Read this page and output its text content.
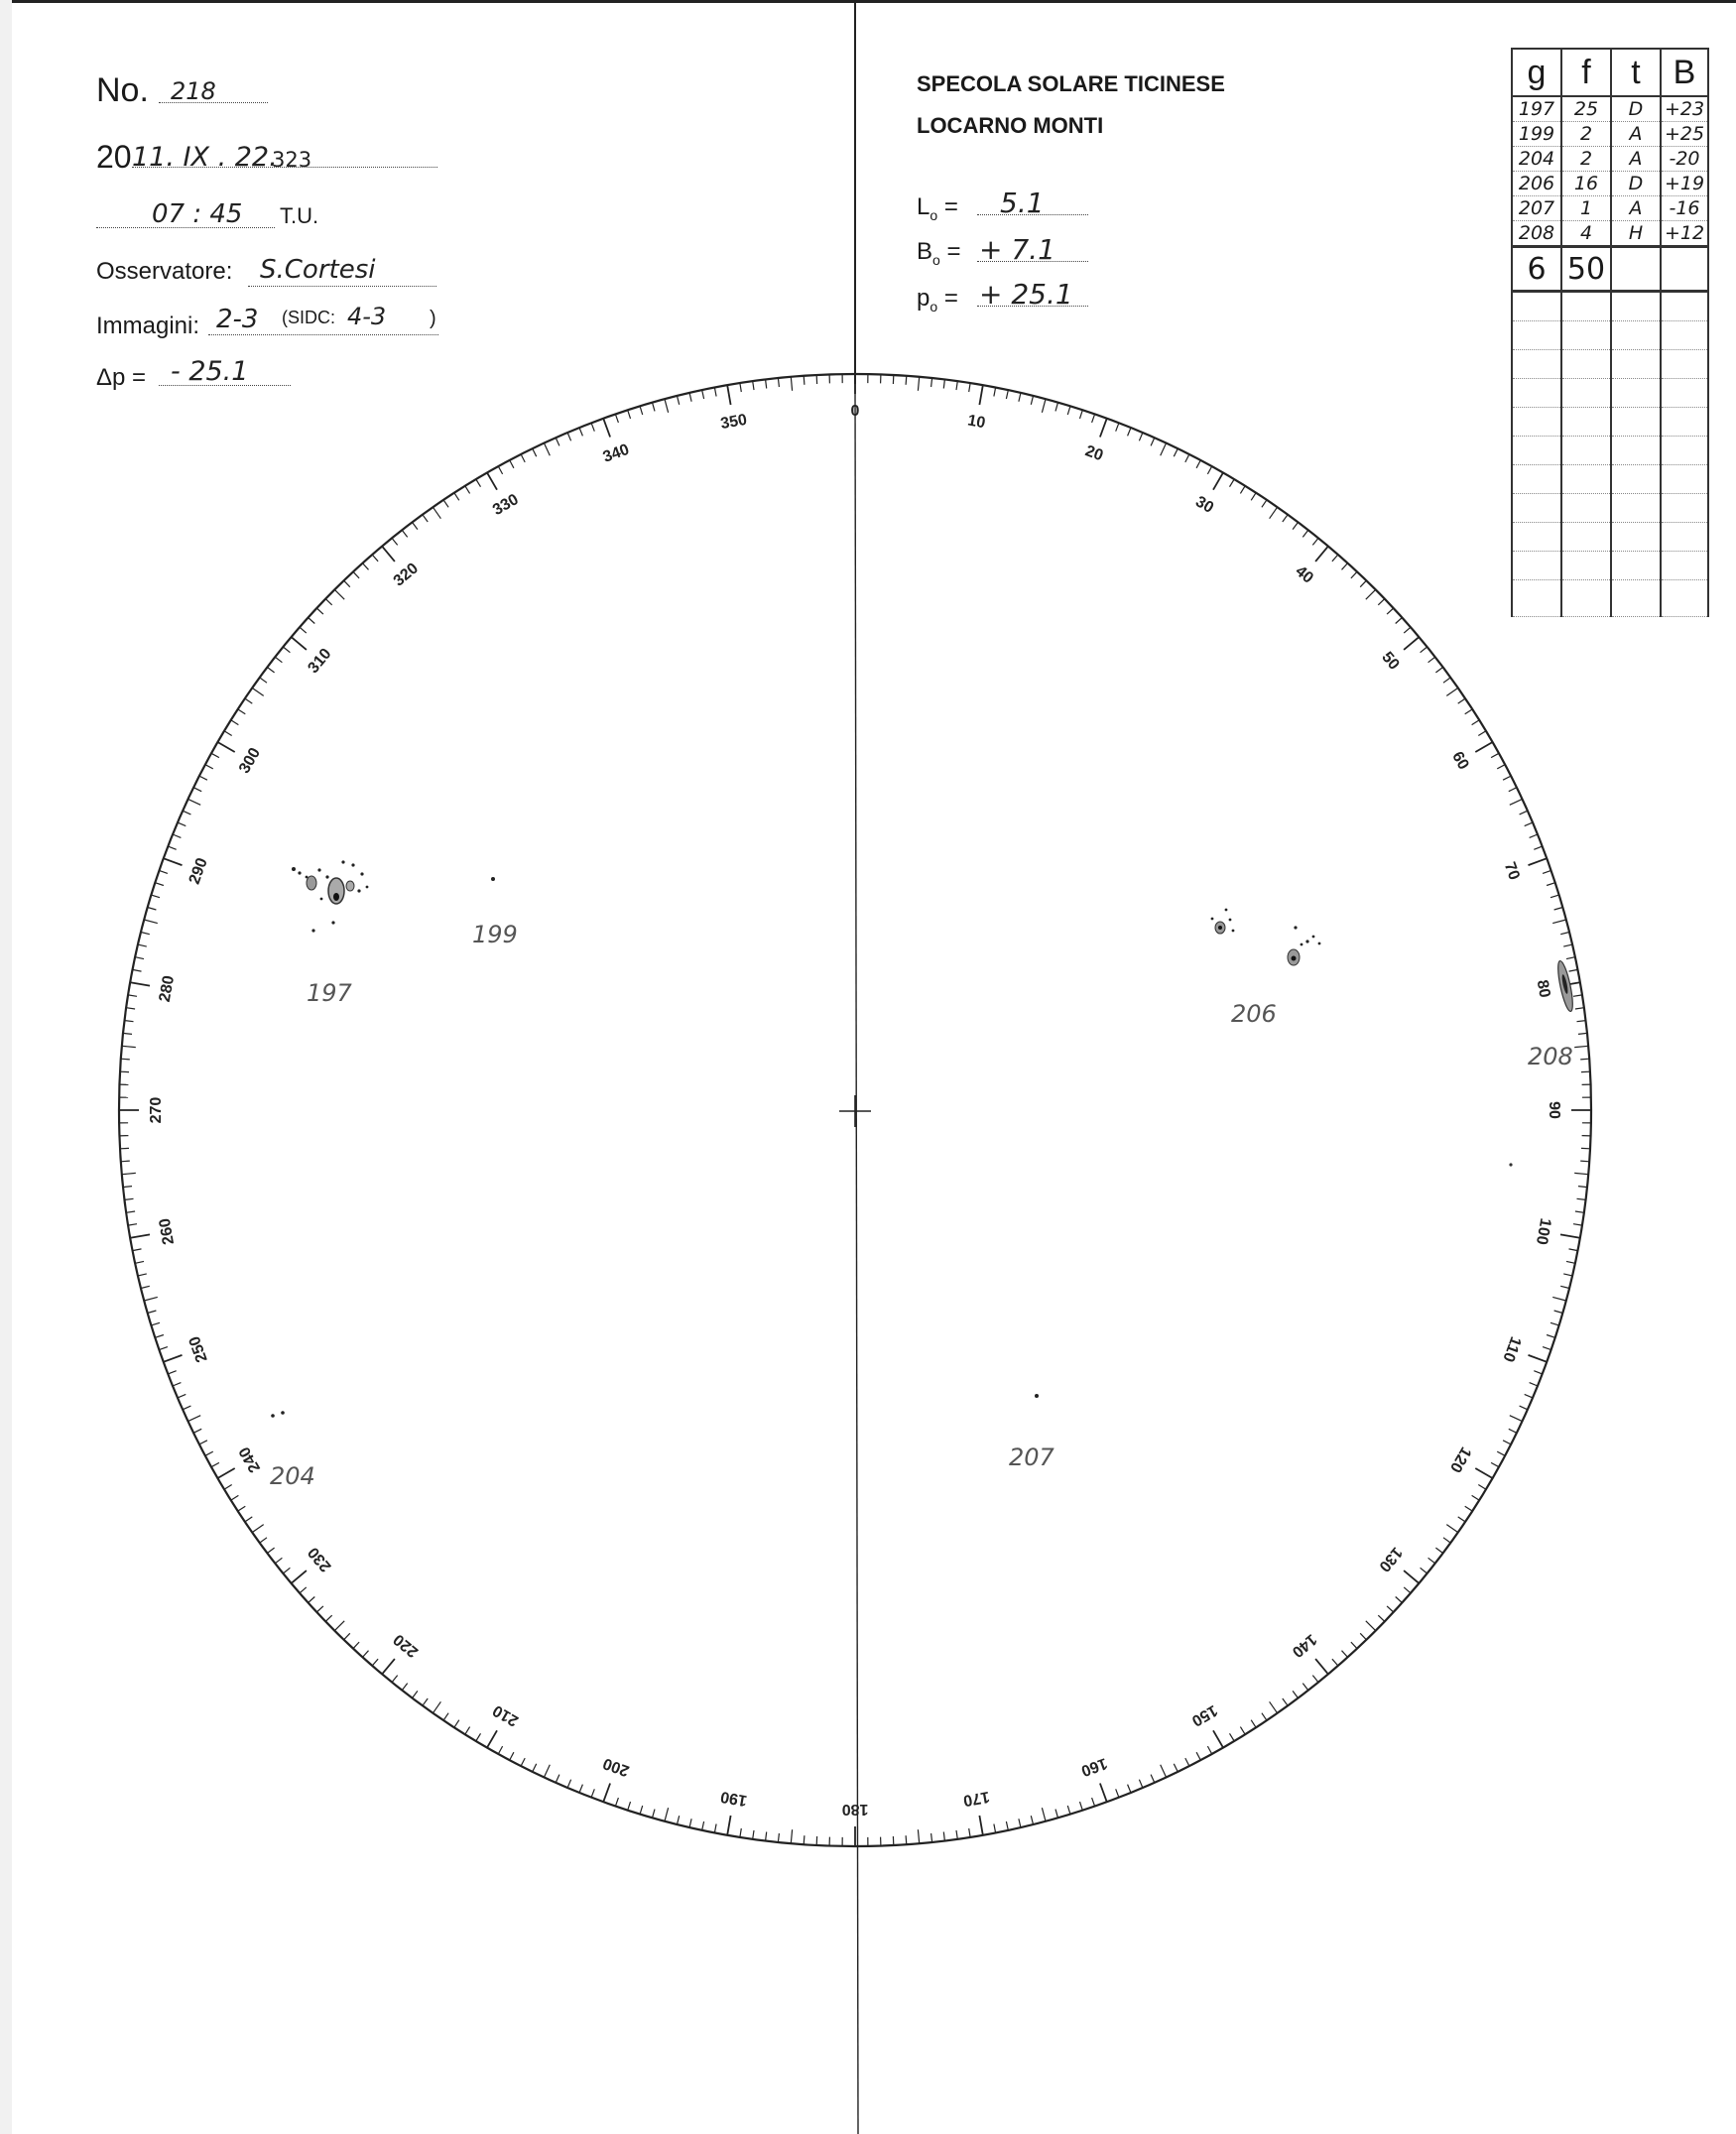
No. 218
20 11. IX . 22.
323
07 : 45 T.U.
Osservatore: S.Cortesi
Immagini: 2-3 (SIDC: 4-3 )
Δp = - 25.1
SPECOLA SOLARE TICINESE
LOCARNO MONTI
$L_o = 5.1$
$B_o$ = + 7.1
$p_o$ = + 25.1
g	f	t	B
197	25	D	+23
199	2	A	+25
204	2	A	-20
206	16	D	+19
207	1	A	-16
208	4	H	+12
6	50		

0
10
20
30
40
50
60
70
80
90
100
110
120
130
140
150
160
170
180
190
200
210
220
230
240
250
260
270
280
290
300
310
320
330
340
350
197
199
204
206
207
208
